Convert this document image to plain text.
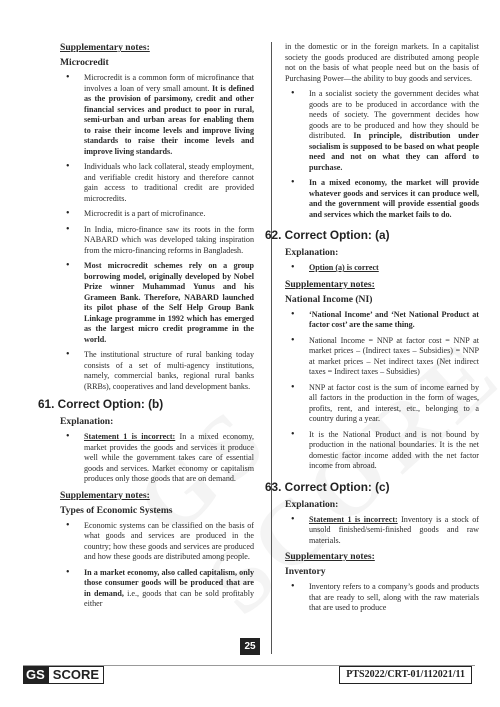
Supplementary notes:
Microcredit
• Microcredit is a common form of microfinance that involves a loan of very small amount. It is defined as the provision of parsimony, credit and other financial services and product to poor in rural, semi-urban and urban areas for enabling them to raise their income levels and improve living standards to raise their income levels and improve living standards.
• Individuals who lack collateral, steady employment, and verifiable credit history and therefore cannot gain access to traditional credit are provided microcredits.
• Microcredit is a part of microfinance.
• In India, micro-finance saw its roots in the form NABARD which was developed taking inspiration from the micro-financing reforms in Bangladesh.
• Most microcredit schemes rely on a group borrowing model, originally developed by Nobel Prize winner Muhammad Yunus and his Grameen Bank. Therefore, NABARD launched its pilot phase of the Self Help Group Bank Linkage programme in 1992 which has emerged as the largest micro credit programme in the world.
• The institutional structure of rural banking today consists of a set of multi-agency institutions, namely, commercial banks, regional rural banks (RRBs), cooperatives and land development banks.
61. Correct Option: (b)
Explanation:
• Statement 1 is incorrect: In a mixed economy, market provides the goods and services it produce well while the government takes care of essential goods and services. Market economy or capitalism produces only those goods that are on demand.
Supplementary notes:
Types of Economic Systems
• Economic systems can be classified on the basis of what goods and services are produced in the country; how these goods and services are produced and how these goods are distributed among people.
• In a market economy, also called capitalism, only those consumer goods will be produced that are in demand, i.e., goods that can be sold profitably either

in the domestic or in the foreign markets. In a capitalist society the goods produced are distributed among people not on the basis of what people need but on the basis of Purchasing Power—the ability to buy goods and services.

• In a socialist society the government decides what goods are to be produced in accordance with the needs of society. The government decides how goods are to be produced and how they should be distributed. In principle, distribution under socialism is supposed to be based on what people need and not on what they can afford to purchase.
• In a mixed economy, the market will provide whatever goods and services it can produce well, and the government will provide essential goods and services which the market fails to do.
62. Correct Option: (a)
Explanation:
• Option (a) is correct
Supplementary notes:
National Income (NI)
• ‘National Income’ and ‘Net National Product at factor cost’ are the same thing.
• National Income = NNP at factor cost = NNP at market prices – (Indirect taxes – Subsidies) = NNP at market prices – Net indirect taxes (Net indirect taxes = Indirect taxes – Subsidies)
• NNP at factor cost is the sum of income earned by all factors in the production in the form of wages, profits, rent, and interest, etc., belonging to a country during a year.
• It is the National Product and is not bound by production in the national boundaries. It is the net domestic factor income added with the net factor income from abroad.
63. Correct Option: (c)
Explanation:
• Statement 1 is incorrect: Inventory is a stock of unsold finished/semi-finished goods and raw materials.
Supplementary notes:
Inventory
• Inventory refers to a company’s goods and products that are ready to sell, along with the raw materials that are used to produce
25
GS SCORE	PTS2022/CRT-01/112021/11
